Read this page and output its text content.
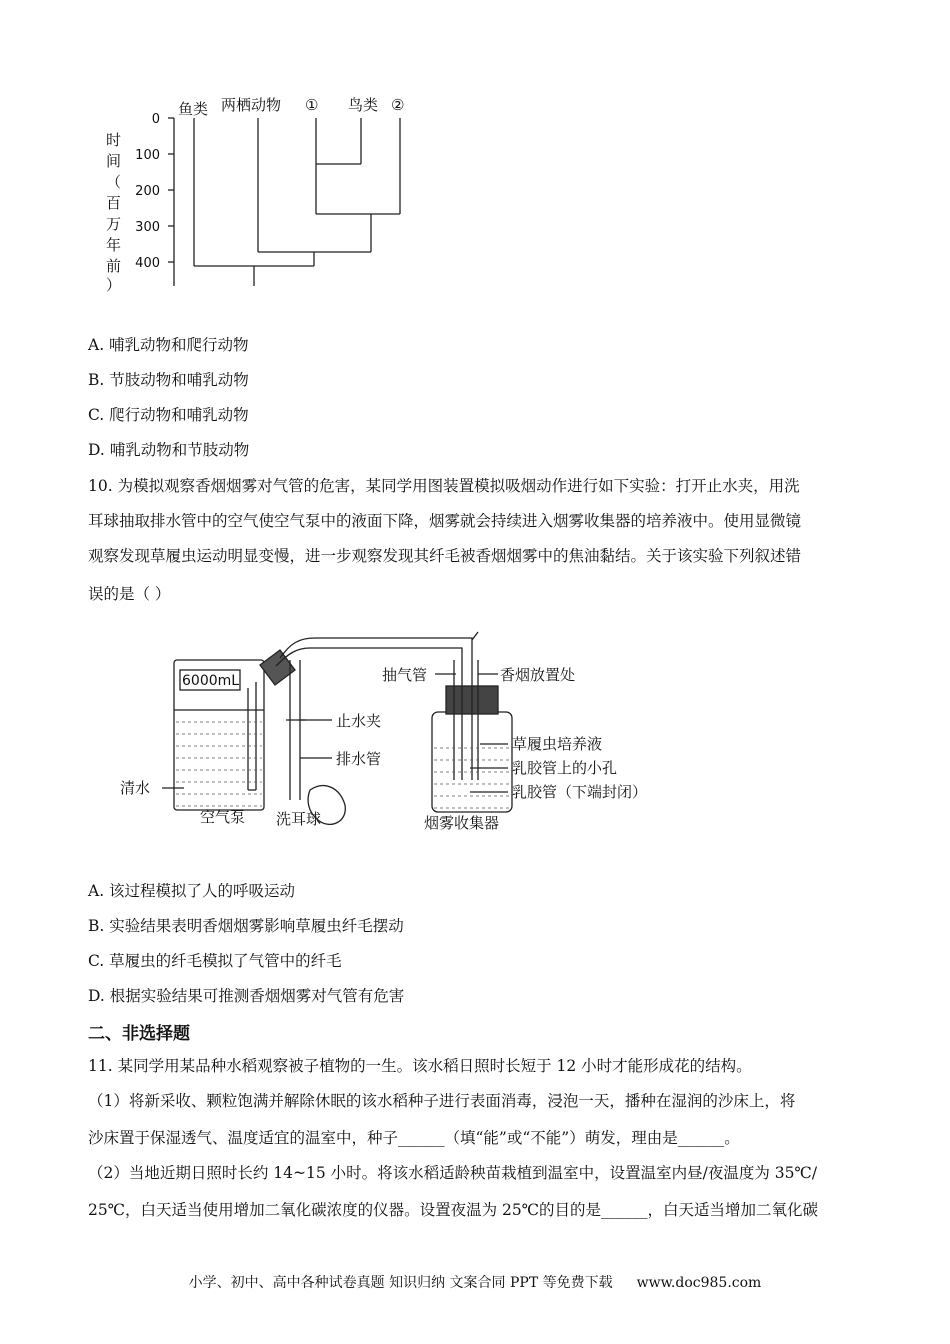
鱼类 两栖动物 ① 鸟类 ②
时
间
（
百
万
年
前
）
0
100
200
300
400
A. 哺乳动物和爬行动物
B. 节肢动物和哺乳动物
C. 爬行动物和哺乳动物
D. 哺乳动物和节肢动物
10. 为模拟观察香烟烟雾对气管的危害，某同学用图装置模拟吸烟动作进行如下实验：打开止水夹，用洗
耳球抽取排水管中的空气使空气泵中的液面下降，烟雾就会持续进入烟雾收集器的培养液中。使用显微镜
观察发现草履虫运动明显变慢，进一步观察发现其纤毛被香烟烟雾中的焦油黏结。关于该实验下列叙述错
误的是（ ）
6000mL	抽气管	香烟放置处
止水夹
草履虫培养液
排水管	乳胶管上的小孔
清水	乳胶管（下端封闭）
空气泵 洗耳球	烟雾收集器
A. 该过程模拟了人的呼吸运动
B. 实验结果表明香烟烟雾影响草履虫纤毛摆动
C. 草履虫的纤毛模拟了气管中的纤毛
D. 根据实验结果可推测香烟烟雾对气管有危害
二、非选择题
11. 某同学用某品种水稻观察被子植物的一生。该水稻日照时长短于 12 小时才能形成花的结构。
（1）将新采收、颗粒饱满并解除休眠的该水稻种子进行表面消毒，浸泡一天，播种在湿润的沙床上，将
沙床置于保湿透气、温度适宜的温室中，种子______（填“能”或“不能”）萌发，理由是______。
（2）当地近期日照时长约 14~15 小时。将该水稻适龄秧苗栽植到温室中，设置温室内昼/夜温度为 35℃/
25℃，白天适当使用增加二氧化碳浓度的仪器。设置夜温为 25℃的目的是______，白天适当增加二氧化碳
小学、初中、高中各种试卷真题 知识归纳 文案合同 PPT 等免费下载 www.doc985.com
